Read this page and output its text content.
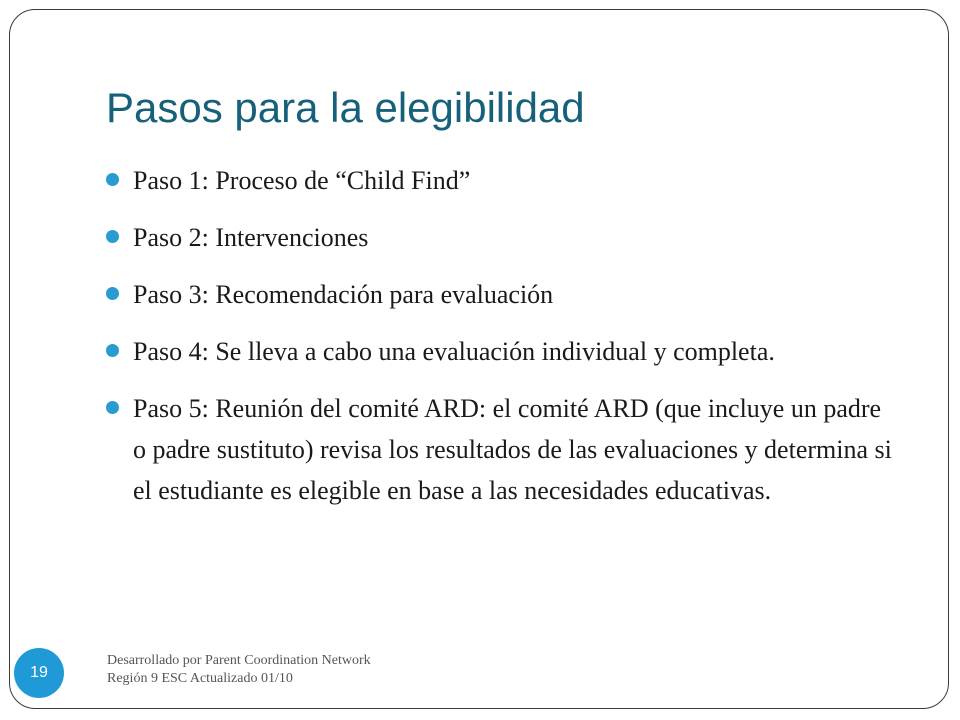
Pasos para la elegibilidad
Paso 1: Proceso de “Child Find”
Paso 2: Intervenciones
Paso 3: Recomendación para evaluación
Paso 4: Se lleva a cabo una evaluación individual y completa.
Paso 5: Reunión del comité ARD: el comité ARD (que incluye un padre o padre sustituto) revisa los resultados de las evaluaciones y determina si el estudiante es elegible en base a las necesidades educativas.
19
Desarrollado por Parent Coordination Network
Región 9 ESC Actualizado 01/10
